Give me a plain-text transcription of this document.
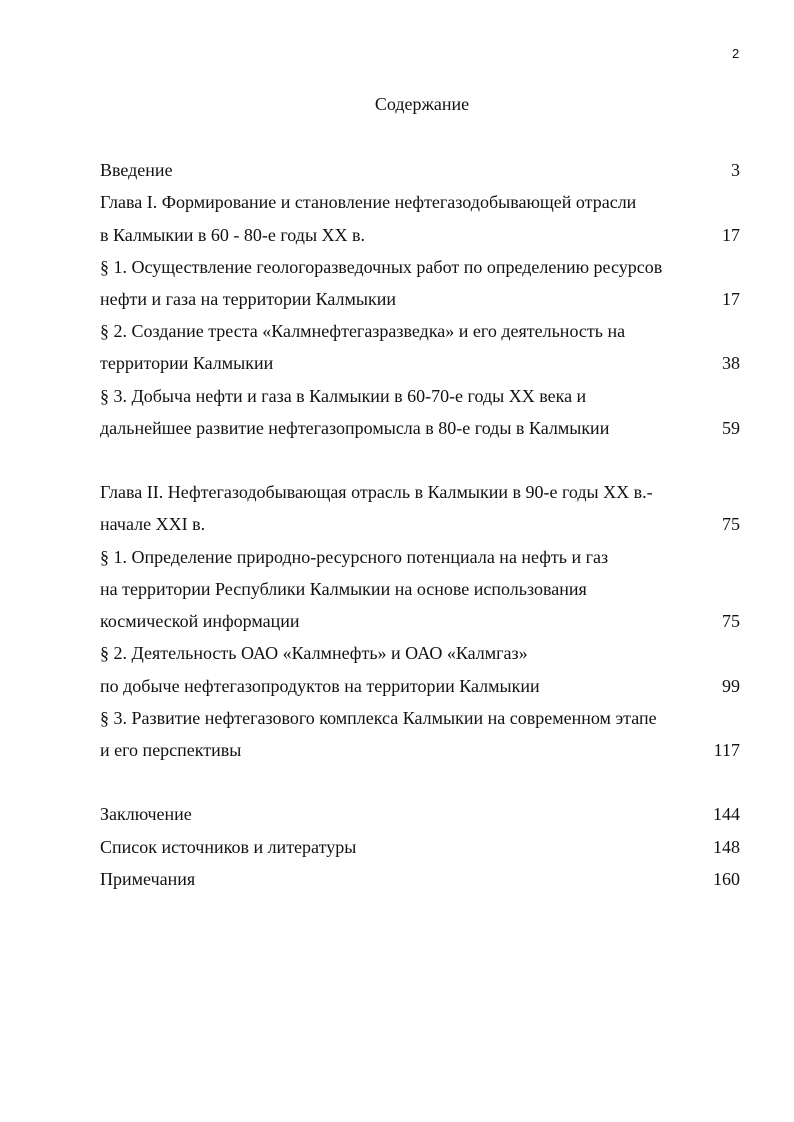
2
Содержание
Введение	3
Глава I. Формирование и становление нефтегазодобывающей отрасли
в Калмыкии в 60 - 80-е годы XX в.	17
§ 1. Осуществление геологоразведочных работ по определению ресурсов
нефти и газа на территории Калмыкии	17
§ 2. Создание треста «Калмнефтегазразведка» и его деятельность на
территории Калмыкии	38
§ 3. Добыча нефти и газа в Калмыкии в 60-70-е годы XX века и
дальнейшее развитие нефтегазопромысла в 80-е годы в Калмыкии	59
Глава II. Нефтегазодобывающая отрасль в Калмыкии в 90-е годы XX в.-
начале XXI в.	75
§ 1. Определение природно-ресурсного потенциала на нефть и газ
на территории Республики Калмыкии на основе использования
космической информации	75
§ 2. Деятельность ОАО «Калмнефть» и ОАО «Калмгаз»
по добыче нефтегазопродуктов на территории Калмыкии	99
§ 3. Развитие нефтегазового комплекса Калмыкии на современном этапе
и его перспективы	117
Заключение	144
Список источников и литературы	148
Примечания	160
